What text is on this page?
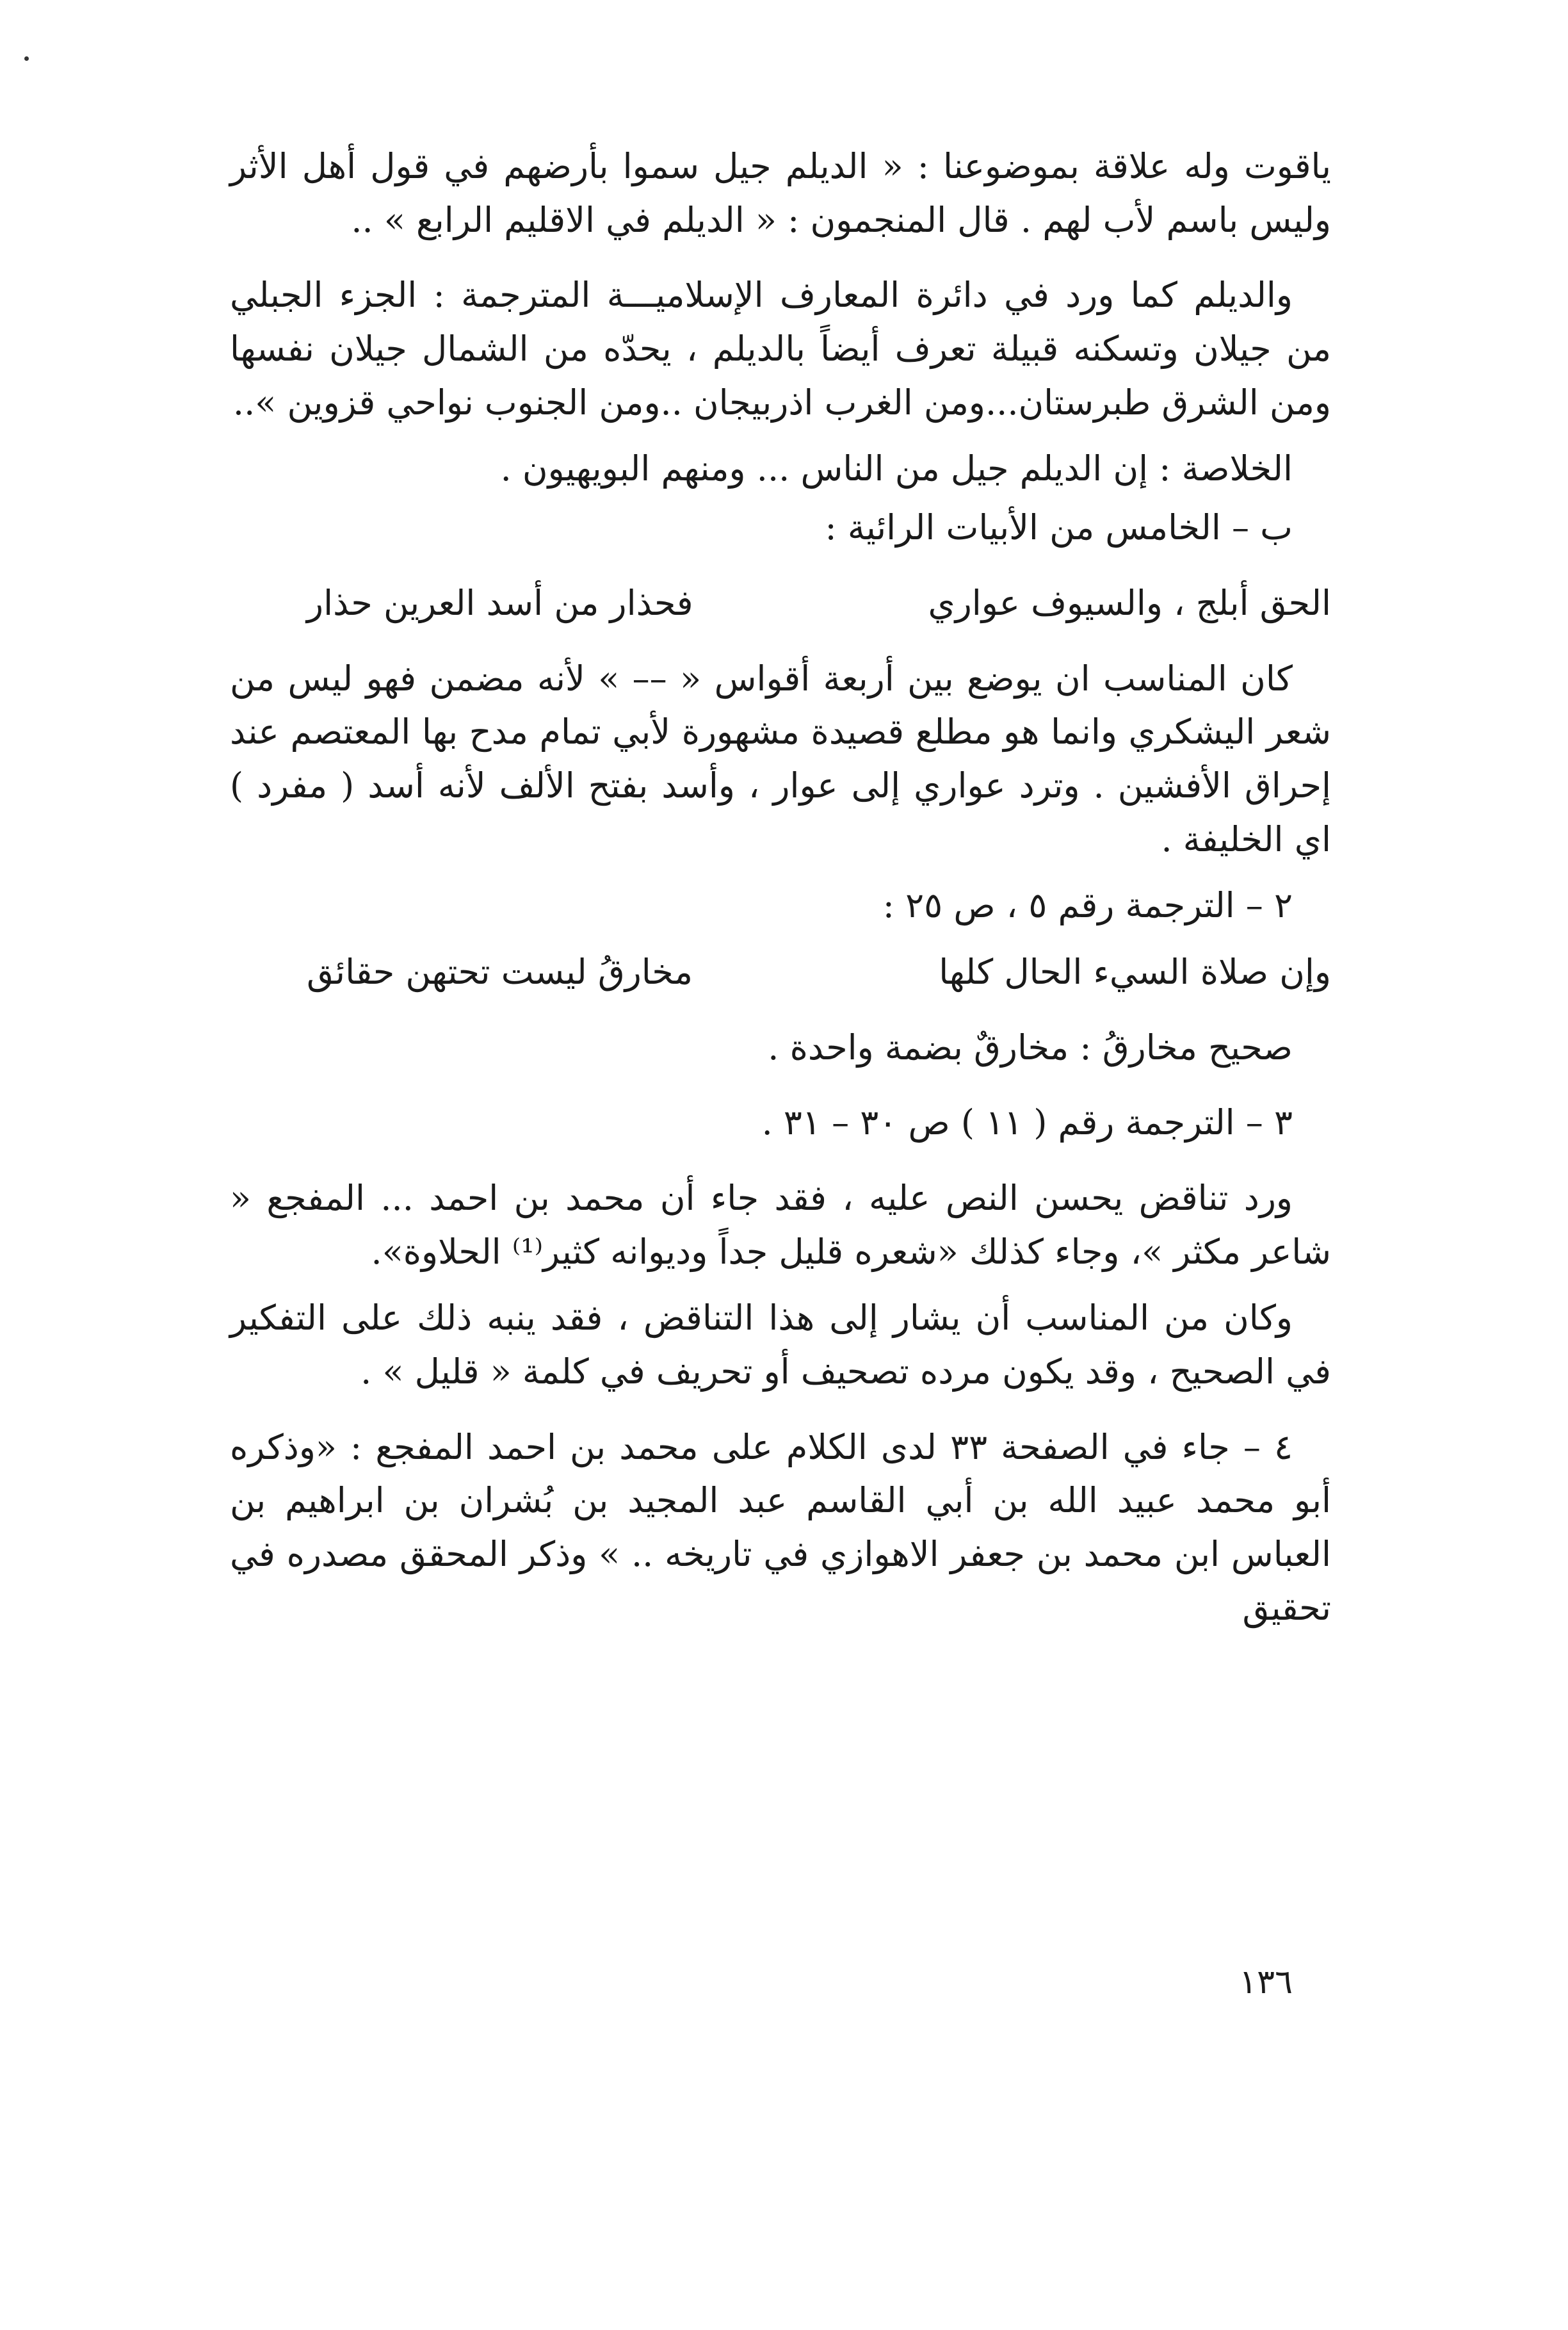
ياقوت وله علاقة بموضوعنا : « الديلم جيل سموا بأرضهم في قول أهل الأثر وليس باسم لأب لهم . قال المنجمون : « الديلم في الاقليم الرابع » ..

والديلم كما ورد في دائرة المعارف الإسلاميـــة المترجمة : الجزء الجبلي من جيلان وتسكنه قبيلة تعرف أيضاً بالديلم ، يحدّه من الشمال جيلان نفسها ومن الشرق طبرستان...ومن الغرب اذربيجان ..ومن الجنوب نواحي قزوين »..

الخلاصة : إن الديلم جيل من الناس ... ومنهم البويهيون .

ب – الخامس من الأبيات الرائية :

الحق أبلج ، والسيوف عواري
فحذار من أسد العرين حذار

كان المناسب ان يوضع بين أربعة أقواس « –– » لأنه مضمن فهو ليس من شعر اليشكري وانما هو مطلع قصيدة مشهورة لأبي تمام مدح بها المعتصم عند إحراق الأفشين . وترد عواري إلى عوار ، وأسد بفتح الألف لأنه أسد ( مفرد ) اي الخليفة .

٢ – الترجمة رقم ٥ ، ص ٢٥ :

وإن صلاة السيء الحال كلها
مخارقُ ليست تحتهن حقائق

صحيح مخارقُ : مخارقٌ بضمة واحدة .

٣ – الترجمة رقم ( ١١ ) ص ٣٠ – ٣١ .

ورد تناقض يحسن النص عليه ، فقد جاء أن محمد بن احمد ... المفجع « شاعر مكثر »، وجاء كذلك «شعره قليل جداً وديوانه كثير⁽¹⁾ الحلاوة».

وكان من المناسب أن يشار إلى هذا التناقض ، فقد ينبه ذلك على التفكير في الصحيح ، وقد يكون مرده تصحيف أو تحريف في كلمة « قليل » .

٤ – جاء في الصفحة ٣٣ لدى الكلام على محمد بن احمد المفجع : «وذكره أبو محمد عبيد الله بن أبي القاسم عبد المجيد بن بُشران بن ابراهيم بن العباس ابن محمد بن جعفر الاهوازي في تاريخه .. » وذكر المحقق مصدره في تحقيق

١٣٦
